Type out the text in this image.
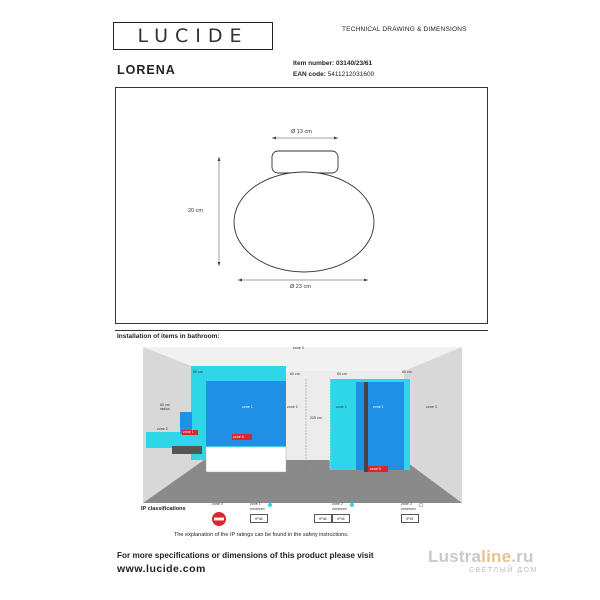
LUCIDE	TECHNICAL DRAWING & DIMENSIONS
LORENA	Item number: 03140/23/61
EAN code: 5411212031600
Ø 13 cm
20 cm
Ø 23 cm
Installation of items in bathroom:
zone 3
zone 1	zone 2	zone 1
zone 2	zone 3
zone 2
zone 0
zone 0
zone 1
60 cm	60 cm	60 cm	60 cm
60 cm
radius
225 cm
IP classifications
zone 0	zone 1
minimum
zone 2
minimum
zone 3
minimum
IP44	IP44	IP44	IP21
The explanation of the IP ratings can be found in the safety instructions.
For more specifications or dimensions of this product please visit
www.lucide.com
Lustraline.ru
СВЕТЛЫЙ ДОМ
